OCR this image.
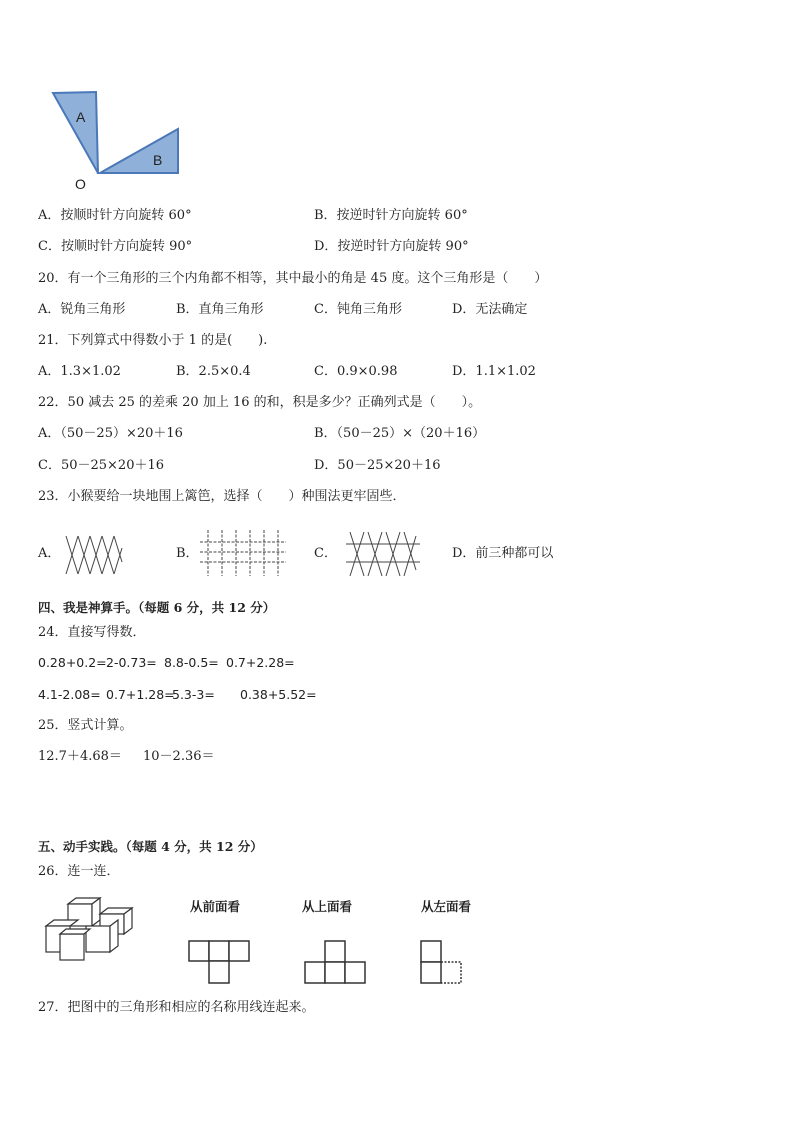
A
B
O
A．按顺时针方向旋转 60°	B．按逆时针方向旋转 60°
C．按顺时针方向旋转 90°	D．按逆时针方向旋转 90°
20．有一个三角形的三个内角都不相等，其中最小的角是 45 度。这个三角形是（　　）
A．锐角三角形	B．直角三角形	C．钝角三角形	D．无法确定
21．下列算式中得数小于 1 的是(　　).
A．1.3×1.02	B．2.5×0.4	C．0.9×0.98	D．1.1×1.02
22．50 减去 25 的差乘 20 加上 16 的和，积是多少？正确列式是（　　）。
A．（50－25）×20＋16	B．（50－25）×（20＋16）
C．50－25×20＋16	D．50－25×20＋16
23．小猴要给一块地围上篱笆，选择（　　）种围法更牢固些．
A．	B．	C．	D．前三种都可以
四、我是神算手。（每题 6 分，共 12 分）
24．直接写得数．
0.28+0.2= 2-0.73= 8.8-0.5= 0.7+2.28=
4.1-2.08= 0.7+1.28=
5.3-3= 0.38+5.52=
25．竖式计算。
12.7＋4.68＝ 10－2.36＝
五、动手实践。（每题 4 分，共 12 分）
26．连一连．
从前面看	从上面看	从左面看
27．把图中的三角形和相应的名称用线连起来。
